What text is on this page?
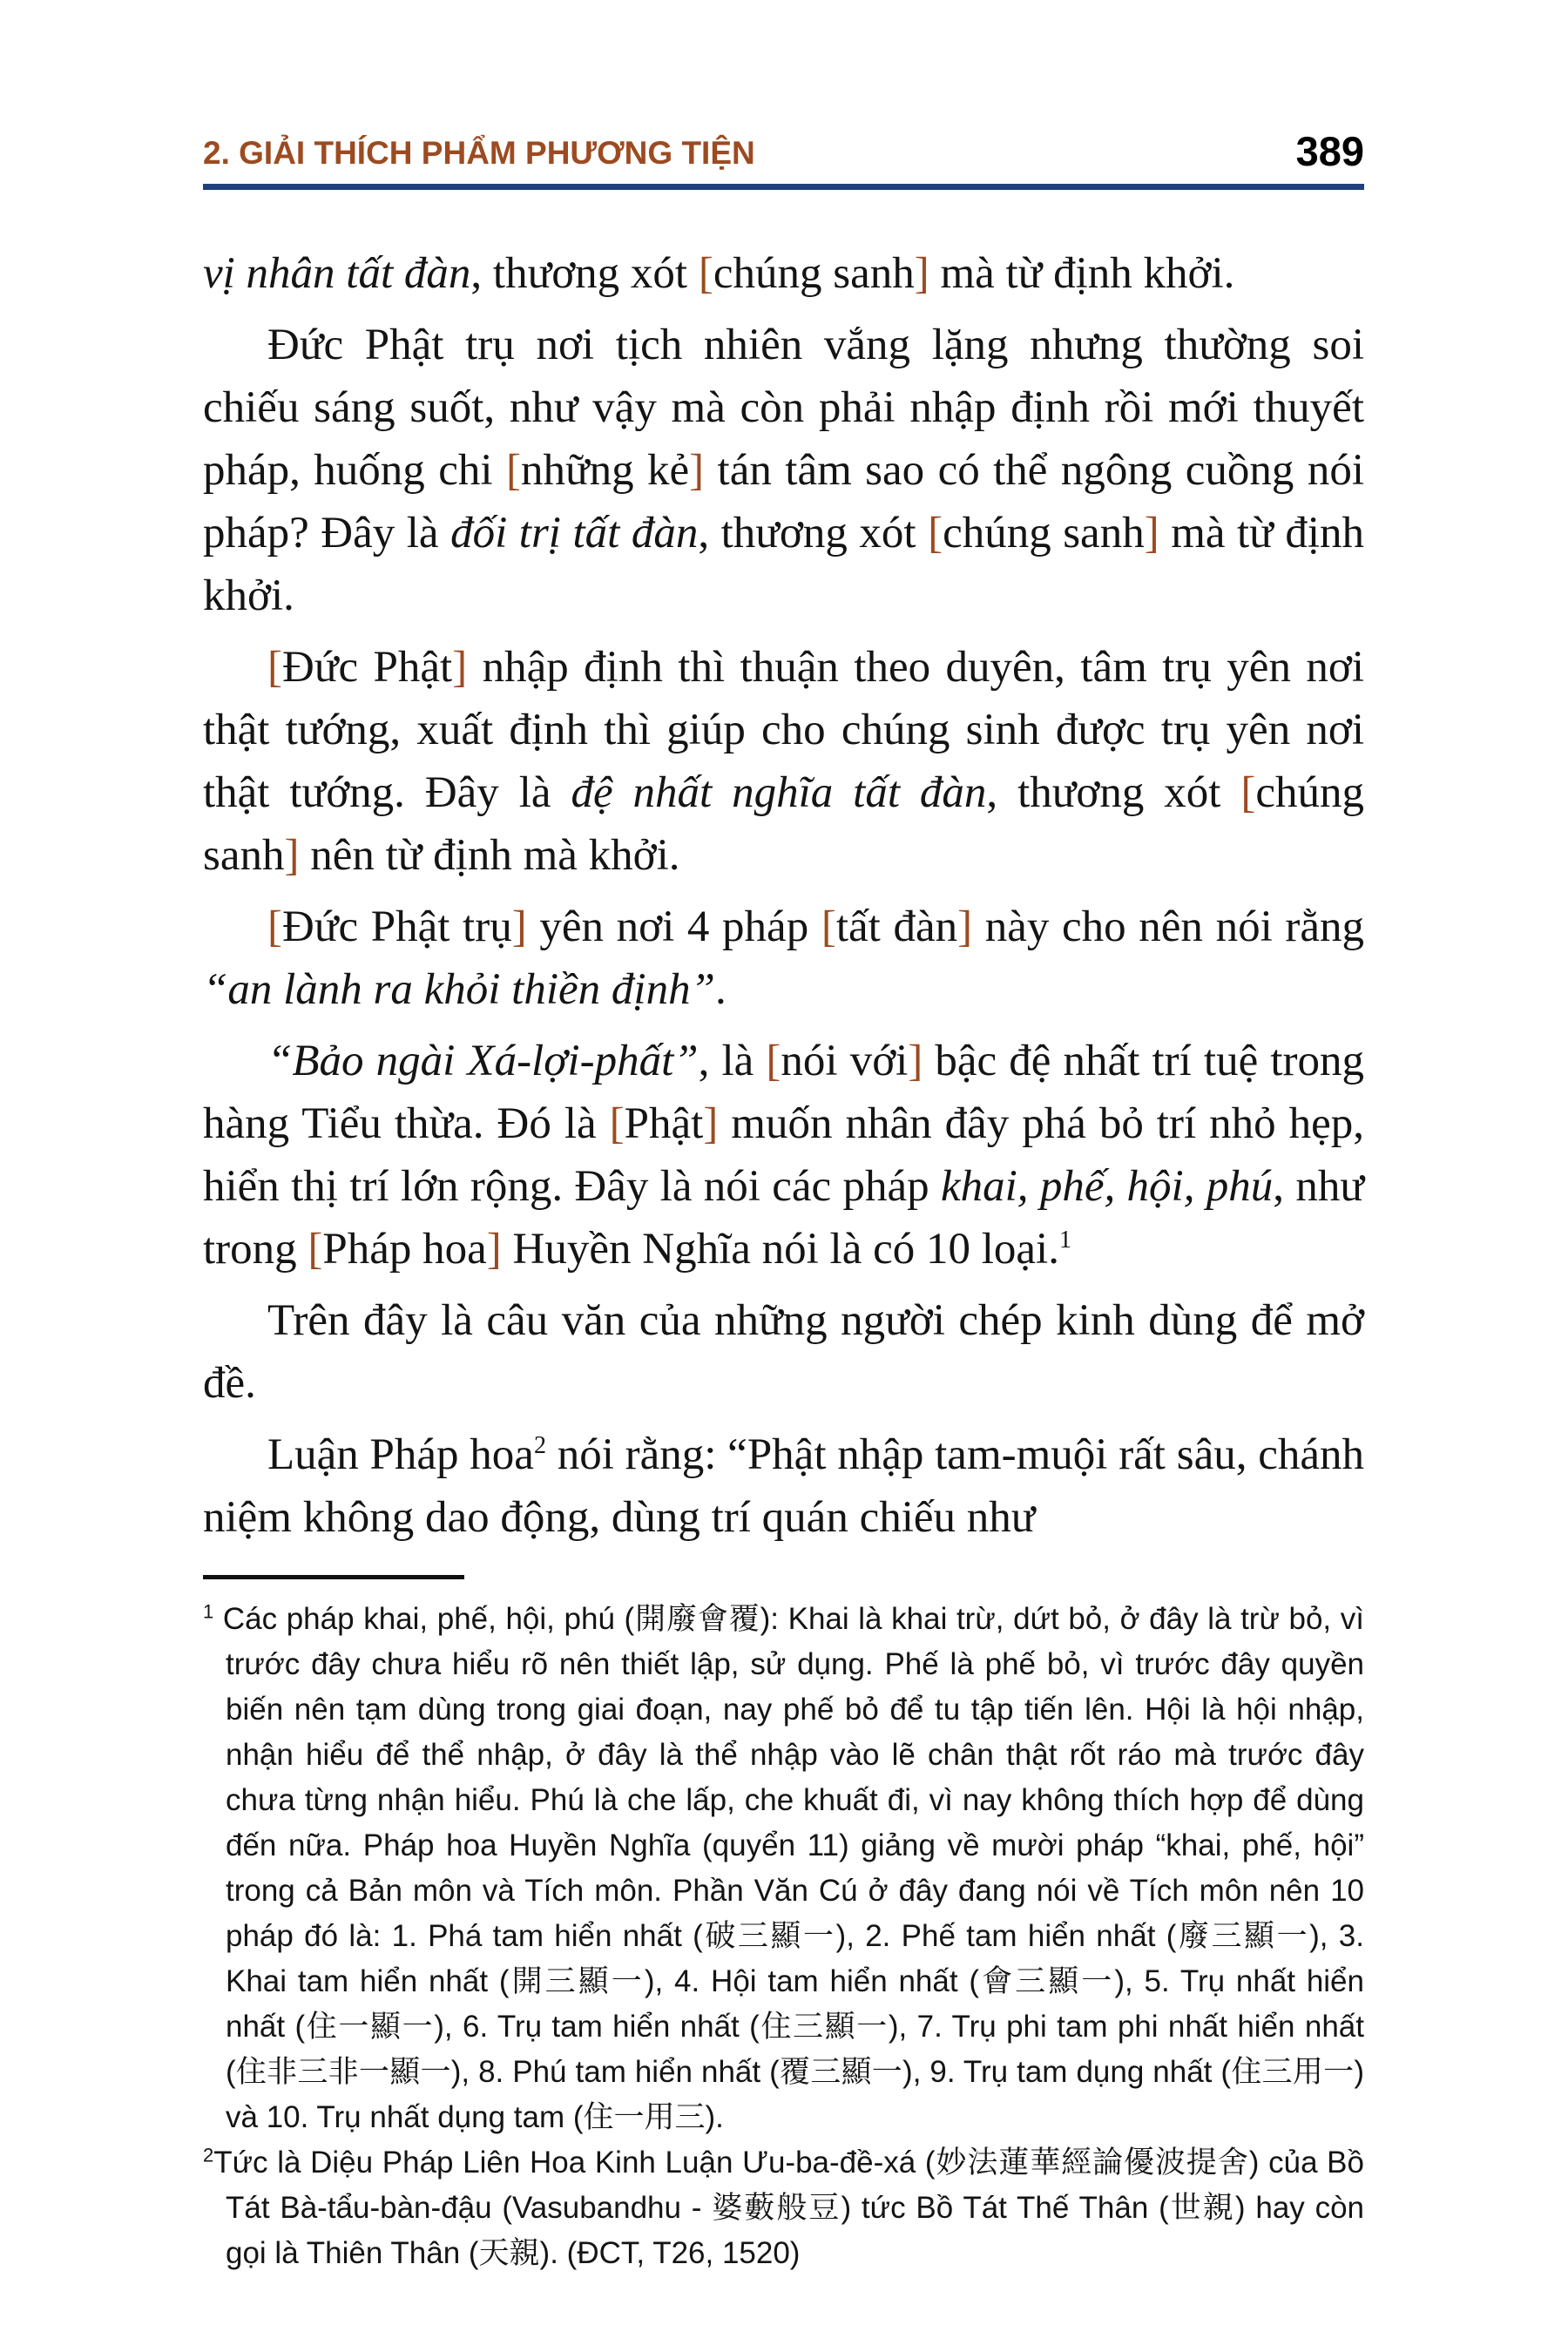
2. GIẢI THÍCH PHẨM PHƯƠNG TIỆN	389

vị nhân tất đàn, thương xót [chúng sanh] mà từ định khởi.

Đức Phật trụ nơi tịch nhiên vắng lặng nhưng thường soi chiếu sáng suốt, như vậy mà còn phải nhập định rồi mới thuyết pháp, huống chi [những kẻ] tán tâm sao có thể ngông cuồng nói pháp? Đây là đối trị tất đàn, thương xót [chúng sanh] mà từ định khởi.

[Đức Phật] nhập định thì thuận theo duyên, tâm trụ yên nơi thật tướng, xuất định thì giúp cho chúng sinh được trụ yên nơi thật tướng. Đây là đệ nhất nghĩa tất đàn, thương xót [chúng sanh] nên từ định mà khởi.

[Đức Phật trụ] yên nơi 4 pháp [tất đàn] này cho nên nói rằng “an lành ra khỏi thiền định”.

“Bảo ngài Xá-lợi-phất”, là [nói với] bậc đệ nhất trí tuệ trong hàng Tiểu thừa. Đó là [Phật] muốn nhân đây phá bỏ trí nhỏ hẹp, hiển thị trí lớn rộng. Đây là nói các pháp khai, phế, hội, phú, như trong [Pháp hoa] Huyền Nghĩa nói là có 10 loại.$^1$

Trên đây là câu văn của những người chép kinh dùng để mở đề.

Luận Pháp hoa$^2$ nói rằng: “Phật nhập tam-muội rất sâu, chánh niệm không dao động, dùng trí quán chiếu như

$^1$ Các pháp khai, phế, hội, phú (開廢會覆): Khai là khai trừ, dứt bỏ, ở đây là trừ bỏ, vì trước đây chưa hiểu rõ nên thiết lập, sử dụng. Phế là phế bỏ, vì trước đây quyền biến nên tạm dùng trong giai đoạn, nay phế bỏ để tu tập tiến lên. Hội là hội nhập, nhận hiểu để thể nhập, ở đây là thể nhập vào lẽ chân thật rốt ráo mà trước đây chưa từng nhận hiểu. Phú là che lấp, che khuất đi, vì nay không thích hợp để dùng đến nữa. Pháp hoa Huyền Nghĩa (quyển 11) giảng về mười pháp “khai, phế, hội” trong cả Bản môn và Tích môn. Phần Văn Cú ở đây đang nói về Tích môn nên 10 pháp đó là: 1. Phá tam hiển nhất (破三顯一), 2. Phế tam hiển nhất (廢三顯一), 3. Khai tam hiển nhất (開三顯一), 4. Hội tam hiển nhất (會三顯一), 5. Trụ nhất hiển nhất (住一顯一), 6. Trụ tam hiển nhất (住三顯一), 7. Trụ phi tam phi nhất hiển nhất (住非三非一顯一), 8. Phú tam hiển nhất (覆三顯一), 9. Trụ tam dụng nhất (住三用一) và 10. Trụ nhất dụng tam (住一用三).

$^2$Tức là Diệu Pháp Liên Hoa Kinh Luận Ưu-ba-đề-xá (妙法蓮華經論優波提舍) của Bồ Tát Bà-tẩu-bàn-đậu (Vasubandhu - 婆藪般豆) tức Bồ Tát Thế Thân (世親) hay còn gọi là Thiên Thân (天親). (ĐCT, T26, 1520)
